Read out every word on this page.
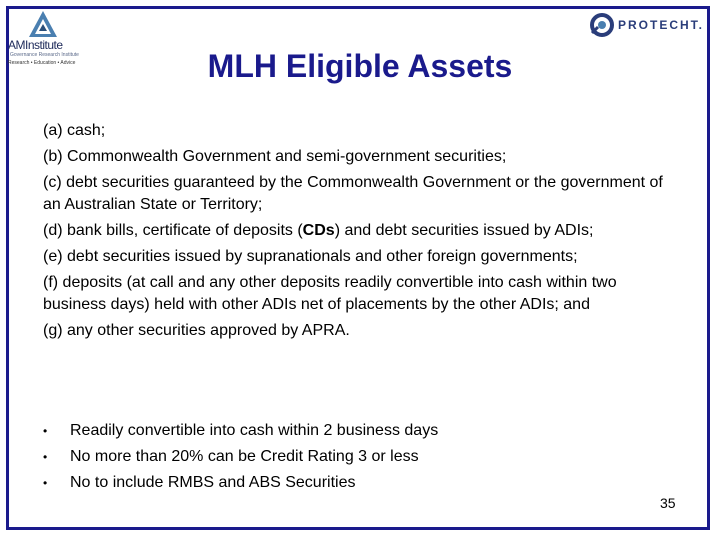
AMInstitute
Governance Research Institute
Research • Education • Advice
PROTECHT.
MLH Eligible Assets

(a) cash;

(b) Commonwealth Government and semi-government securities;

(c) debt securities guaranteed by the Commonwealth Government or the government of an Australian State or Territory;

(d) bank bills, certificate of deposits (CDs) and debt securities issued by ADIs;

(e) debt securities issued by supranationals and other foreign governments;

(f) deposits (at call and any other deposits readily convertible into cash within two business days) held with other ADIs net of placements by the other ADIs; and

(g) any other securities approved by APRA.

•	Readily convertible into cash within 2 business days
•	No more than 20% can be Credit Rating 3 or less
•	No to include RMBS and ABS Securities
35
